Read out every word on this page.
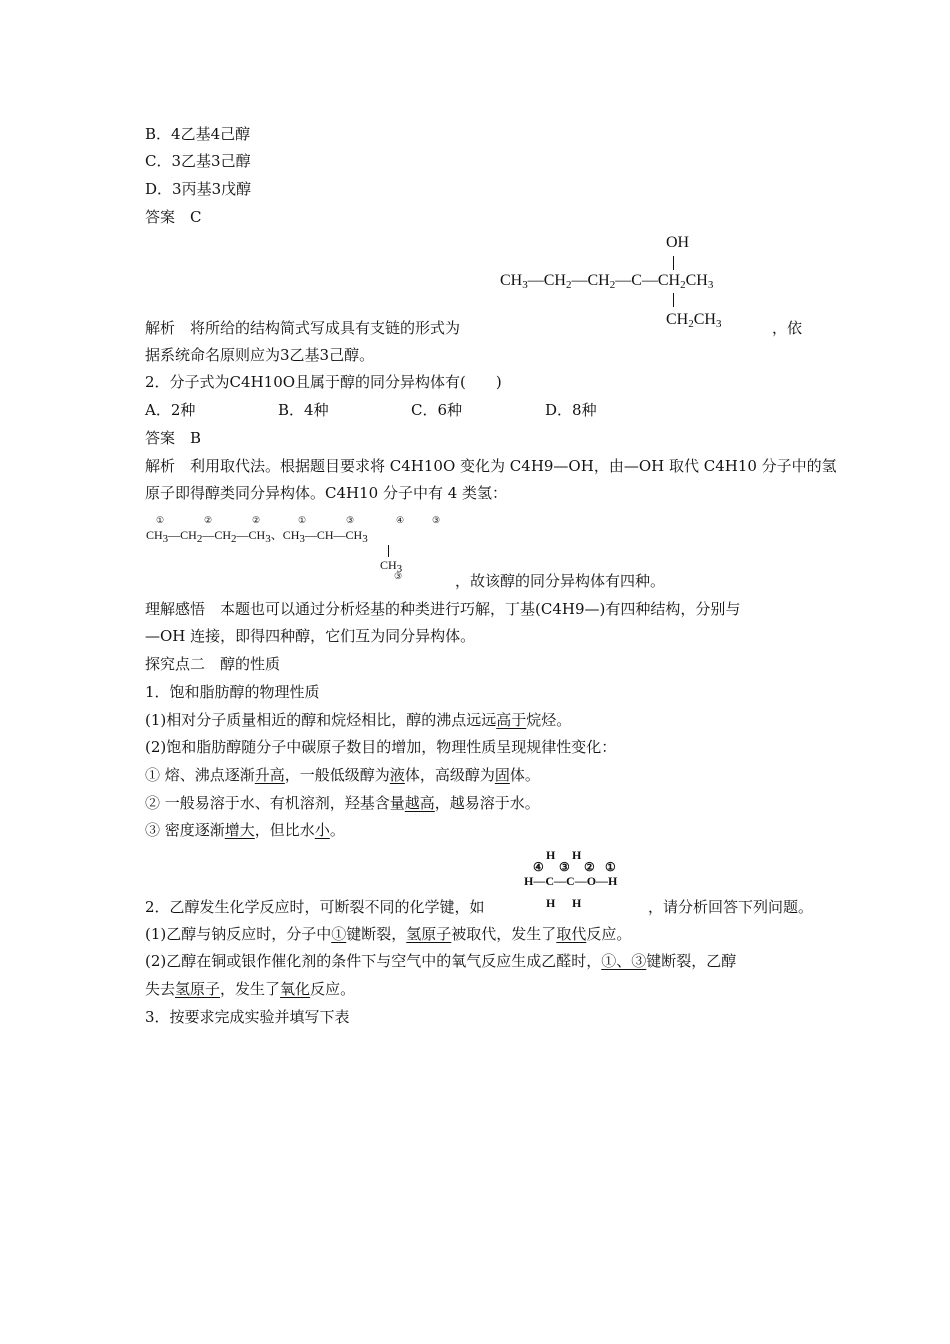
B．4乙基4己醇
C．3乙基3己醇
D．3丙基3戊醇
答案　C
OH
$CH_3—CH_2—CH_2—C—CH_2CH_3$
$CH_2CH_3$
解析　将所给的结构简式写成具有支链的形式为	，依
据系统命名原则应为3乙基3己醇。
2．分子式为C4H10O且属于醇的同分异构体有(　　)
A．2种	B．4种	C．6种	D．8种
答案　B
解析　利用取代法。根据题目要求将 C4H10O 变化为 C4H9—OH，由—OH 取代 C4H10 分子中的氢
原子即得醇类同分异构体。C4H10 分子中有 4 类氢：
CH3—CH2—CH2—CH3、CH3—CH—CH3
①	②	②	①	③	④	③
CH3
③	，故该醇的同分异构体有四种。
理解感悟　本题也可以通过分析烃基的种类进行巧解，丁基(C4H9—)有四种结构，分别与
—OH 连接，即得四种醇，它们互为同分异构体。
探究点二　醇的性质
1．饱和脂肪醇的物理性质
(1)相对分子质量相近的醇和烷烃相比，醇的沸点远远高于烷烃。
(2)饱和脂肪醇随分子中碳原子数目的增加，物理性质呈现规律性变化：
① 熔、沸点逐渐升高，一般低级醇为液体，高级醇为固体。
② 一般易溶于水、有机溶剂，羟基含量越高，越易溶于水。
③ 密度逐渐增大，但比水小。
H H
④ ③ ② ①
H—C—C—O—H
H H
2．乙醇发生化学反应时，可断裂不同的化学键，如	，请分析回答下列问题。
(1)乙醇与钠反应时，分子中①键断裂，氢原子被取代，发生了取代反应。
(2)乙醇在铜或银作催化剂的条件下与空气中的氧气反应生成乙醛时，①、③键断裂，乙醇
失去氢原子，发生了氧化反应。
3．按要求完成实验并填写下表
